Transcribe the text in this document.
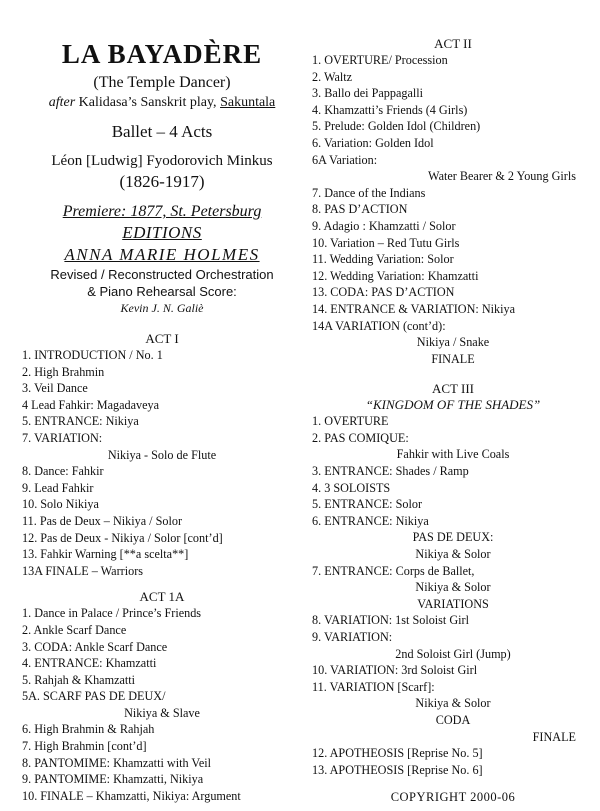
LA BAYADÈRE
(The Temple Dancer)
after Kalidasa’s Sanskrit play, Sakuntala
Ballet – 4 Acts
Léon [Ludwig] Fyodorovich Minkus
(1826-1917)
Premiere: 1877, St. Petersburg
EDITIONS
ANNA MARIE HOLMES
Revised / Reconstructed Orchestration
& Piano Rehearsal Score:
Kevin J. N. Galiè
ACT I
1. INTRODUCTION / No. 1
2. High Brahmin
3. Veil Dance
4 Lead Fahkir: Magadaveya
5. ENTRANCE: Nikiya
7. VARIATION:
Nikiya - Solo de Flute
8. Dance: Fahkir
9. Lead Fahkir
10. Solo Nikiya
11. Pas de Deux – Nikiya / Solor
12. Pas de Deux - Nikiya / Solor [cont’d]
13. Fahkir Warning [**a scelta**]
13A FINALE – Warriors
ACT 1A
1. Dance in Palace / Prince’s Friends
2. Ankle Scarf Dance
3. CODA: Ankle Scarf Dance
4. ENTRANCE: Khamzatti
5. Rahjah & Khamzatti
5A. SCARF PAS DE DEUX/
Nikiya & Slave
6. High Brahmin & Rahjah
7. High Brahmin [cont’d]
8. PANTOMIME: Khamzatti with Veil
9. PANTOMIME: Khamzatti, Nikiya
10. FINALE – Khamzatti, Nikiya: Argument
ACT II
1. OVERTURE/ Procession
2. Waltz
3. Ballo dei Pappagalli
4. Khamzatti’s Friends (4 Girls)
5. Prelude: Golden Idol (Children)
6. Variation: Golden Idol
6A Variation:
Water Bearer & 2 Young Girls
7. Dance of the Indians
8. PAS D’ACTION
9. Adagio : Khamzatti / Solor
10. Variation – Red Tutu Girls
11. Wedding Variation: Solor
12. Wedding Variation: Khamzatti
13. CODA: PAS D’ACTION
14. ENTRANCE & VARIATION: Nikiya
14A VARIATION (cont’d):
Nikiya / Snake
FINALE
ACT III
“KINGDOM OF THE SHADES”
1. OVERTURE
2. PAS COMIQUE:
Fahkir with Live Coals
3. ENTRANCE: Shades / Ramp
4. 3 SOLOISTS
5. ENTRANCE: Solor
6. ENTRANCE: Nikiya
PAS DE DEUX:
Nikiya & Solor
7. ENTRANCE: Corps de Ballet,
Nikiya & Solor
VARIATIONS
8. VARIATION: 1st Soloist Girl
9. VARIATION:
2nd Soloist Girl (Jump)
10. VARIATION: 3rd Soloist Girl
11. VARIATION [Scarf]:
Nikiya & Solor
CODA
FINALE
12. APOTHEOSIS [Reprise No. 5]
13. APOTHEOSIS [Reprise No. 6]
COPYRIGHT 2000-06
